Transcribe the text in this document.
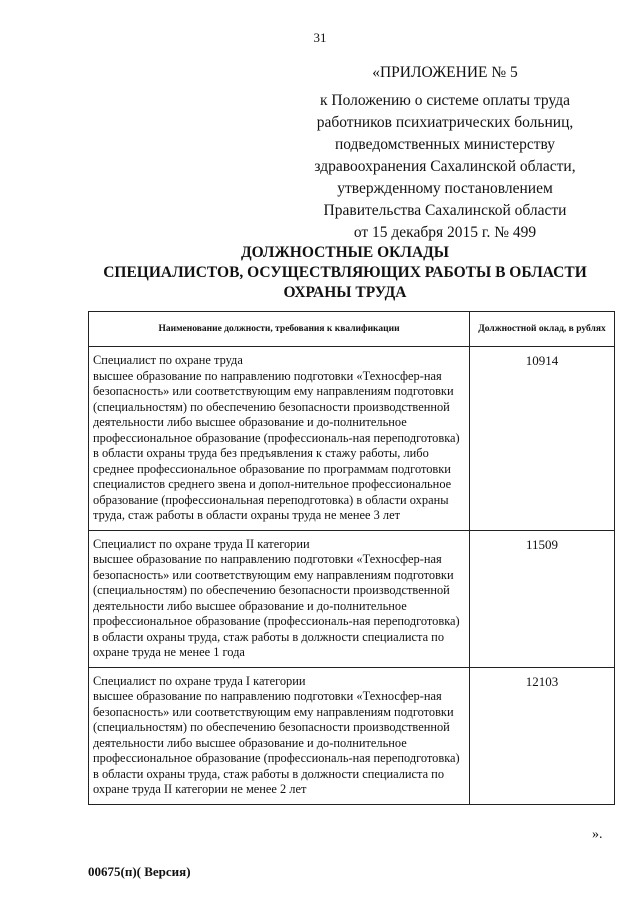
31
«ПРИЛОЖЕНИЕ № 5
к Положению о системе оплаты труда
работников психиатрических больниц,
подведомственных министерству
здравоохранения Сахалинской области,
утвержденному постановлением
Правительства Сахалинской области
от 15 декабря 2015 г. № 499
ДОЛЖНОСТНЫЕ ОКЛАДЫ
СПЕЦИАЛИСТОВ, ОСУЩЕСТВЛЯЮЩИХ РАБОТЫ В ОБЛАСТИ
ОХРАНЫ ТРУДА
Наименование должности, требования к квалификации	Должностной оклад, в рублях

Специалист по охране труда
высшее образование по направлению подготовки «Техносфер-ная безопасность» или соответствующим ему направлениям подготовки (специальностям) по обеспечению безопасности производственной деятельности либо высшее образование и до-полнительное профессиональное образование (профессиональ-ная переподготовка) в области охраны труда без предъявления к стажу работы, либо среднее профессиональное образование по программам подготовки специалистов среднего звена и допол-нительное профессиональное образование (профессиональная переподготовка) в области охраны труда, стаж работы в области охраны труда не менее 3 лет	10914

Специалист по охране труда II категории
высшее образование по направлению подготовки «Техносфер-ная безопасность» или соответствующим ему направлениям подготовки (специальностям) по обеспечению безопасности производственной деятельности либо высшее образование и до-полнительное профессиональное образование (профессиональ-ная переподготовка) в области охраны труда, стаж работы в должности специалиста по охране труда не менее 1 года	11509

Специалист по охране труда I категории
высшее образование по направлению подготовки «Техносфер-ная безопасность» или соответствующим ему направлениям подготовки (специальностям) по обеспечению безопасности производственной деятельности либо высшее образование и до-полнительное профессиональное образование (профессиональ-ная переподготовка) в области охраны труда, стаж работы в должности специалиста по охране труда II категории не менее 2 лет	12103
».
00675(п)( Версия)
